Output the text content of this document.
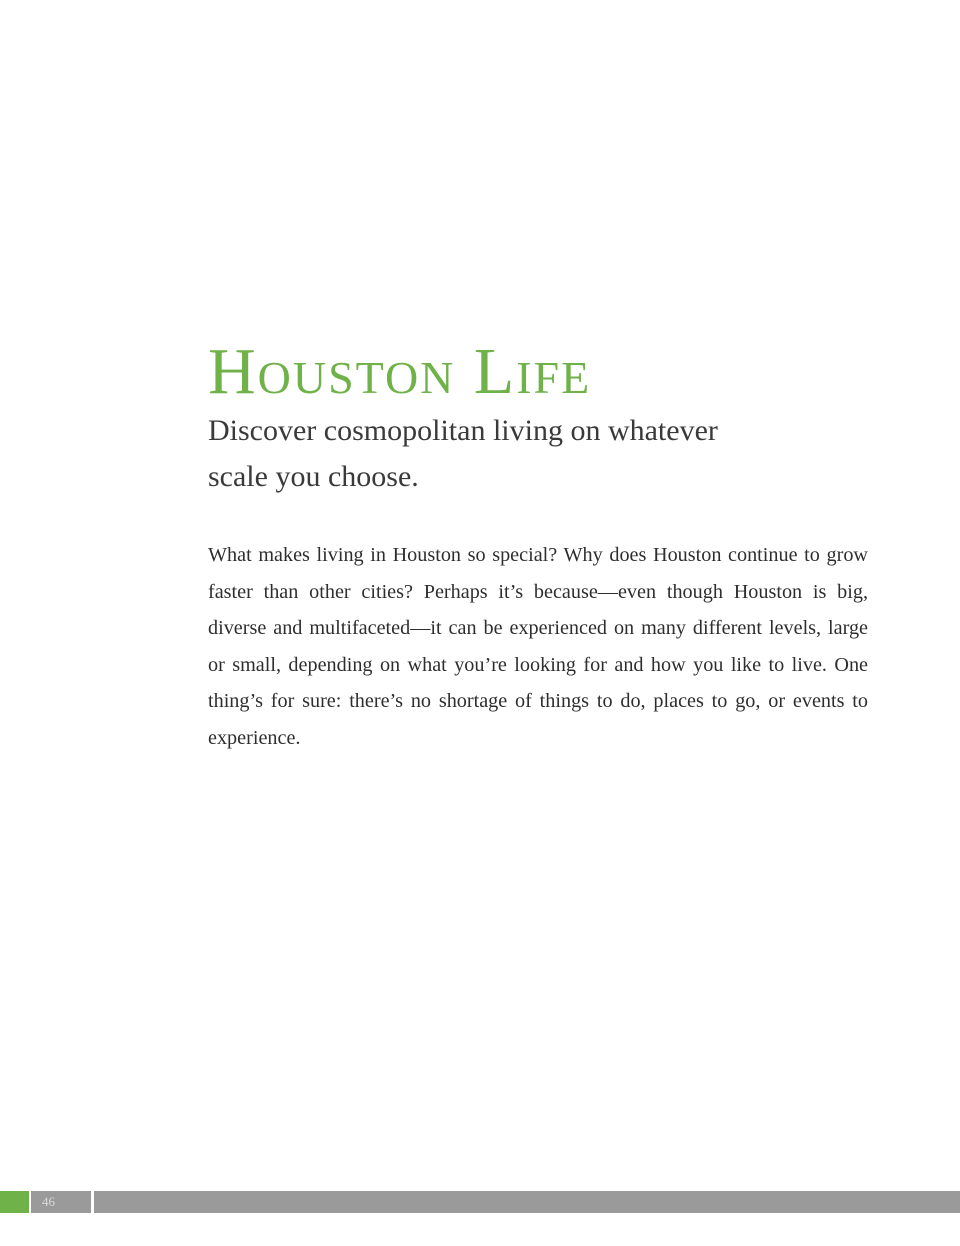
Houston Life
Discover cosmopolitan living on whatever scale you choose.

What makes living in Houston so special? Why does Houston continue to grow faster than other cities? Perhaps it’s because—even though Houston is big, diverse and multifaceted—it can be experienced on many different levels, large or small, depending on what you’re looking for and how you like to live. One thing’s for sure: there’s no shortage of things to do, places to go, or events to experience.

46
